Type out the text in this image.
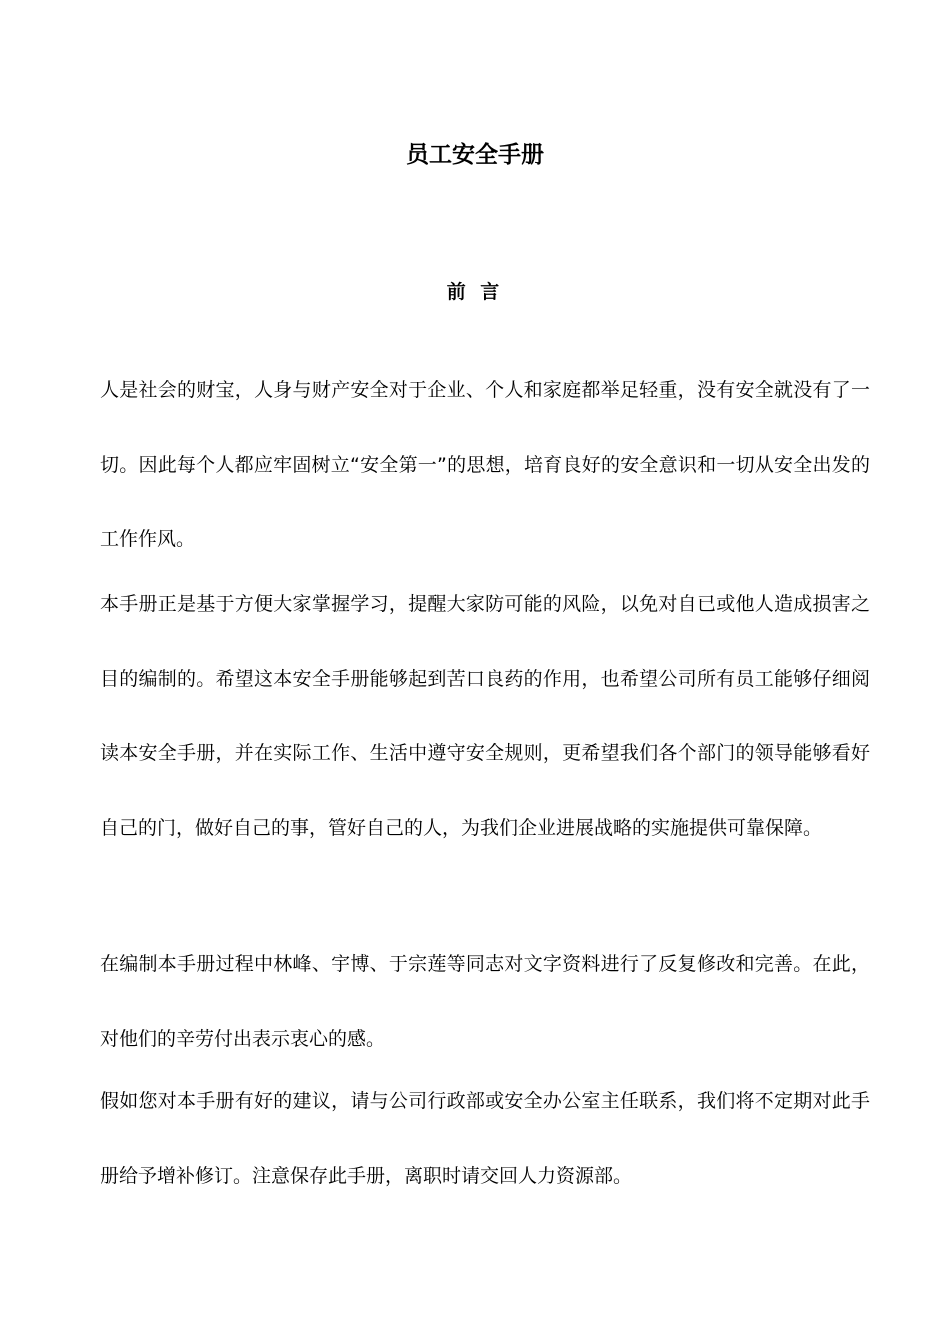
员工安全手册
前 言

人是社会的财宝，人身与财产安全对于企业、个人和家庭都举足轻重，没有安全就没有了一切。因此每个人都应牢固树立“安全第一”的思想，培育良好的安全意识和一切从安全出发的工作作风。

本手册正是基于方便大家掌握学习，提醒大家防可能的风险，以免对自已或他人造成损害之目的编制的。希望这本安全手册能够起到苦口良药的作用，也希望公司所有员工能够仔细阅读本安全手册，并在实际工作、生活中遵守安全规则，更希望我们各个部门的领导能够看好自己的门，做好自己的事，管好自己的人，为我们企业进展战略的实施提供可靠保障。

在编制本手册过程中林峰、宇博、于宗莲等同志对文字资料进行了反复修改和完善。在此，对他们的辛劳付出表示衷心的感。

假如您对本手册有好的建议，请与公司行政部或安全办公室主任联系，我们将不定期对此手册给予增补修订。注意保存此手册，离职时请交回人力资源部。
